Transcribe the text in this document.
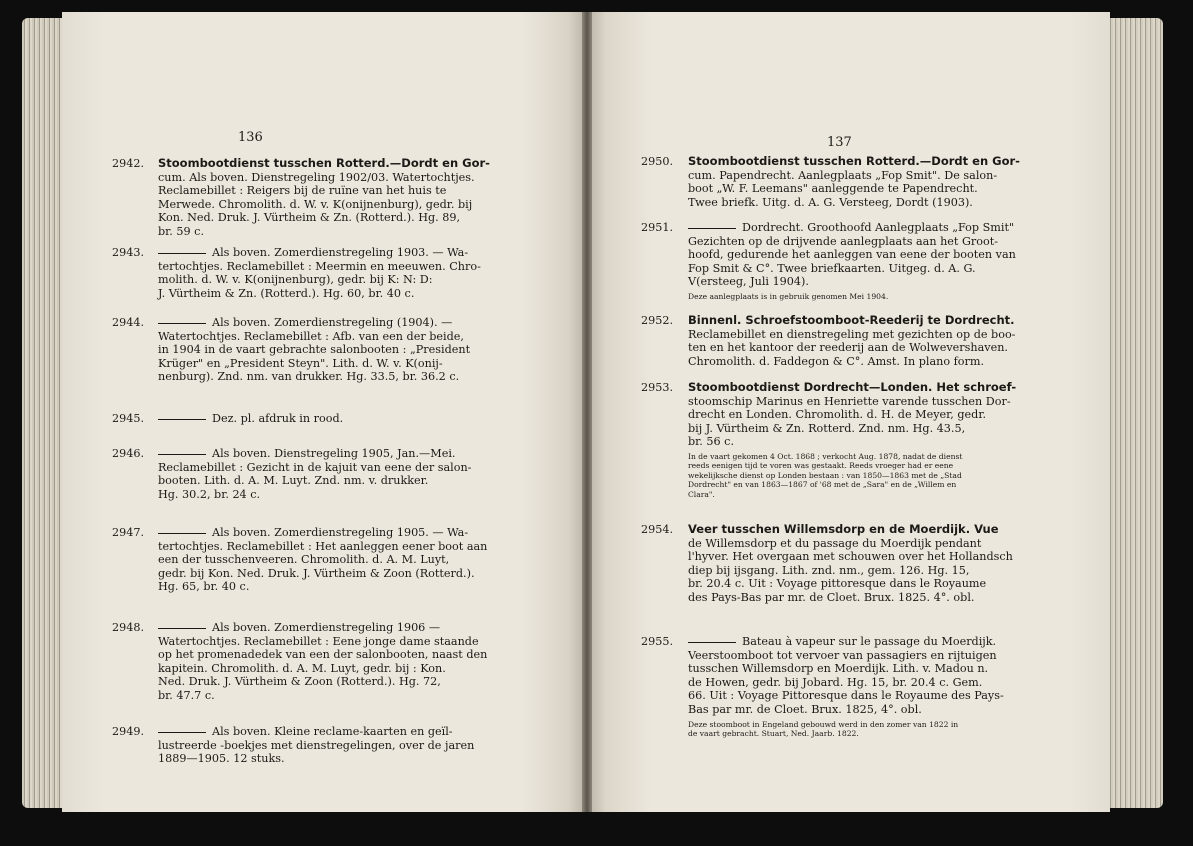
136	137
2942. Stoombootdienst tusschen Rotterd.—Dordt en Gor-
cum. Als boven. Dienstregeling 1902/03. Watertochtjes.
Reclamebillet : Reigers bij de ruïne van het huis te
Merwede. Chromolith. d. W. v. K(onijnenburg), gedr. bij
Kon. Ned. Druk. J. Vürtheim & Zn. (Rotterd.). Hg. 89,
br. 59 c.
2943.	Als boven. Zomerdienstregeling 1903. — Wa-
tertochtjes. Reclamebillet : Meermin en meeuwen. Chro-
molith. d. W. v. K(onijnenburg), gedr. bij K: N: D:
J. Vürtheim & Zn. (Rotterd.). Hg. 60, br. 40 c.
2944.	Als boven. Zomerdienstregeling (1904). —
Watertochtjes. Reclamebillet : Afb. van een der beide,
in 1904 in de vaart gebrachte salonbooten : „President
Krüger" en „President Steyn". Lith. d. W. v. K(onij-
nenburg). Znd. nm. van drukker. Hg. 33.5, br. 36.2 c.
2945.	Dez. pl. afdruk in rood.
2946.	Als boven. Dienstregeling 1905, Jan.—Mei.
Reclamebillet : Gezicht in de kajuit van eene der salon-
booten. Lith. d. A. M. Luyt. Znd. nm. v. drukker.
Hg. 30.2, br. 24 c.
2947.	Als boven. Zomerdienstregeling 1905. — Wa-
tertochtjes. Reclamebillet : Het aanleggen eener boot aan
een der tusschenveeren. Chromolith. d. A. M. Luyt,
gedr. bij Kon. Ned. Druk. J. Vürtheim & Zoon (Rotterd.).
Hg. 65, br. 40 c.
2948.	Als boven. Zomerdienstregeling 1906 —
Watertochtjes. Reclamebillet : Eene jonge dame staande
op het promenadedek van een der salonbooten, naast den
kapitein. Chromolith. d. A. M. Luyt, gedr. bij : Kon.
Ned. Druk. J. Vürtheim & Zoon (Rotterd.). Hg. 72,
br. 47.7 c.
2949.	Als boven. Kleine reclame-kaarten en geïl-
lustreerde -boekjes met dienstregelingen, over de jaren
1889—1905. 12 stuks.
2950. Stoombootdienst tusschen Rotterd.—Dordt en Gor-
cum. Papendrecht. Aanlegplaats „Fop Smit". De salon-
boot „W. F. Leemans" aanleggende te Papendrecht.
Twee briefk. Uitg. d. A. G. Versteeg, Dordt (1903).
2951.	Dordrecht. Groothoofd Aanlegplaats „Fop Smit"
Gezichten op de drijvende aanlegplaats aan het Groot-
hoofd, gedurende het aanleggen van eene der booten van
Fop Smit & C°. Twee briefkaarten. Uitgeg. d. A. G.
V(ersteeg, Juli 1904).
Deze aanlegplaats is in gebruik genomen Mei 1904.
2952. Binnenl. Schroefstoomboot-Reederij te Dordrecht.
Reclamebillet en dienstregeling met gezichten op de boo-
ten en het kantoor der reederij aan de Wolwevershaven.
Chromolith. d. Faddegon & C°. Amst. In plano form.
2953. Stoombootdienst Dordrecht—Londen. Het schroef-
stoomschip Marinus en Henriette varende tusschen Dor-
drecht en Londen. Chromolith. d. H. de Meyer, gedr.
bij J. Vürtheim & Zn. Rotterd. Znd. nm. Hg. 43.5,
br. 56 c.
In de vaart gekomen 4 Oct. 1868 ; verkocht Aug. 1878, nadat de dienst
reeds eenigen tijd te voren was gestaakt. Reeds vroeger had er eene
wekelijksche dienst op Londen bestaan : van 1850—1863 met de „Stad
Dordrecht" en van 1863—1867 of '68 met de „Sara" en de „Willem en
Clara".
2954. Veer tusschen Willemsdorp en de Moerdijk. Vue
de Willemsdorp et du passage du Moerdijk pendant
l'hyver. Het overgaan met schouwen over het Hollandsch
diep bij ijsgang. Lith. znd. nm., gem. 126. Hg. 15,
br. 20.4 c. Uit : Voyage pittoresque dans le Royaume
des Pays-Bas par mr. de Cloet. Brux. 1825. 4°. obl.
2955.	Bateau à vapeur sur le passage du Moerdijk.
Veerstoomboot tot vervoer van passagiers en rijtuigen
tusschen Willemsdorp en Moerdijk. Lith. v. Madou n.
de Howen, gedr. bij Jobard. Hg. 15, br. 20.4 c. Gem.
66. Uit : Voyage Pittoresque dans le Royaume des Pays-
Bas par mr. de Cloet. Brux. 1825, 4°. obl.
Deze stoomboot in Engeland gebouwd werd in den zomer van 1822 in
de vaart gebracht. Stuart, Ned. Jaarb. 1822.
